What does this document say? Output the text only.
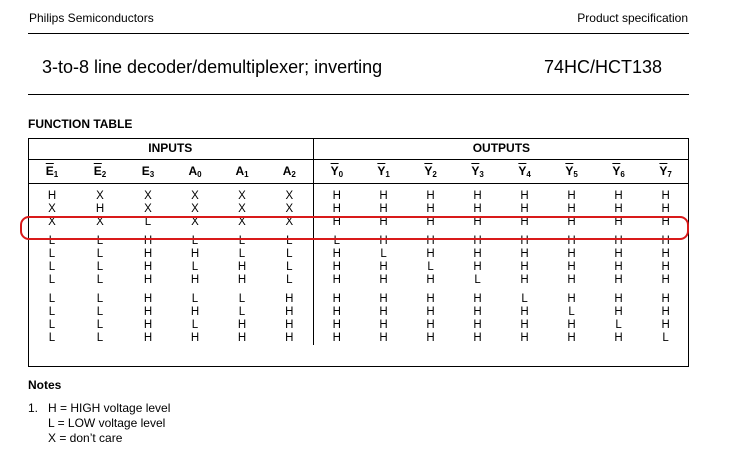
Philips Semiconductors	Product specification
3-to-8 line decoder/demultiplexer; inverting	74HC/HCT138
FUNCTION TABLE
INPUTS						OUTPUTS							
$\overline{E}_1$	$\overline{E}_2$	$E_3$	$A_0$	$A_1$	$A_2$	$\overline{Y}_0$	$\overline{Y}_1$	$\overline{Y}_2$	$\overline{Y}_3$	$\overline{Y}_4$	$\overline{Y}_5$	$\overline{Y}_6$	$\overline{Y}_7$
H	X	X	X	X	X	H	H	H	H	H	H	H	H
X	H	X	X	X	X	H	H	H	H	H	H	H	H
X	X	L	X	X	X	H	H	H	H	H	H	H	H
L	L	H	L	L	L	L	H	H	H	H	H	H	H
L	L	H	H	L	L	H	L	H	H	H	H	H	H
L	L	H	L	H	L	H	H	L	H	H	H	H	H
L	L	H	H	H	L	H	H	H	L	H	H	H	H
L	L	H	L	L	H	H	H	H	H	L	H	H	H
L	L	H	H	L	H	H	H	H	H	H	L	H	H
L	L	H	L	H	H	H	H	H	H	H	H	L	H
L	L	H	H	H	H	H	H	H	H	H	H	H	L
Notes
1. H = HIGH voltage level
L = LOW voltage level
X = don’t care
